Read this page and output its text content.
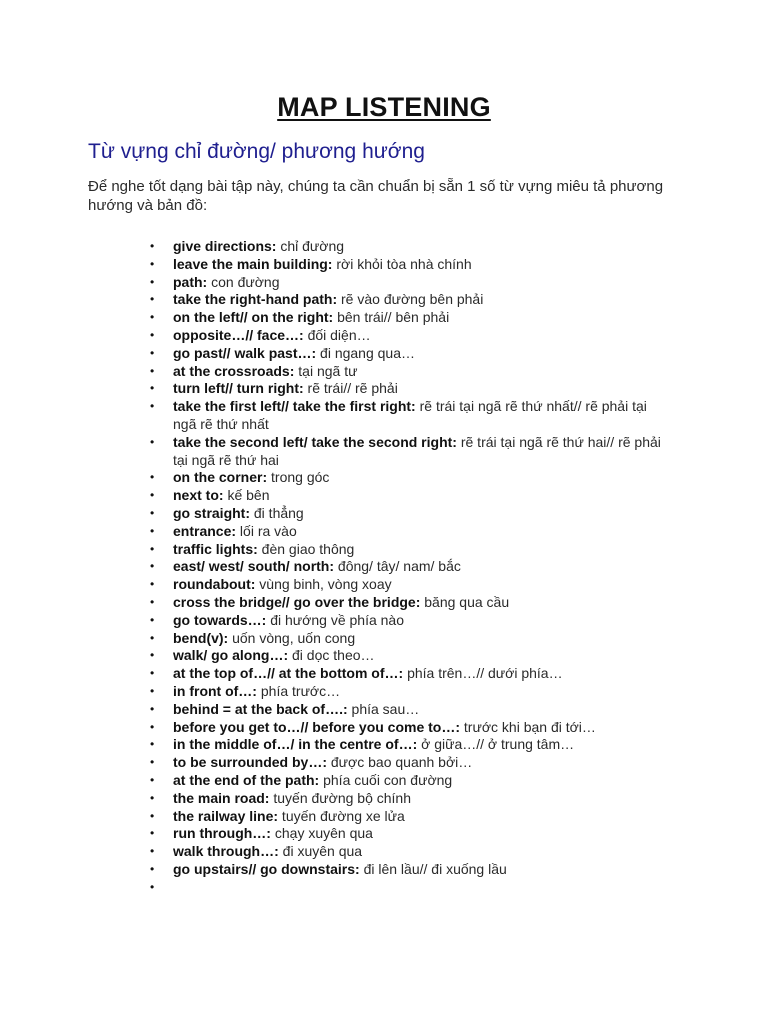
MAP LISTENING
Từ vựng chỉ đường/ phương hướng
Để nghe tốt dạng bài tập này, chúng ta cần chuẩn bị sẵn 1 số từ vựng miêu tả phương hướng và bản đồ:
• give directions: chỉ đường
• leave the main building: rời khỏi tòa nhà chính
• path: con đường
• take the right-hand path: rẽ vào đường bên phải
• on the left// on the right: bên trái// bên phải
• opposite…// face…: đối diện…
• go past// walk past…: đi ngang qua…
• at the crossroads: tại ngã tư
• turn left// turn right: rẽ trái// rẽ phải
• take the first left// take the first right: rẽ trái tại ngã rẽ thứ nhất// rẽ phải tại ngã rẽ thứ nhất
• take the second left/ take the second right: rẽ trái tại ngã rẽ thứ hai// rẽ phải tại ngã rẽ thứ hai
• on the corner: trong góc
• next to: kế bên
• go straight: đi thẳng
• entrance: lối ra vào
• traffic lights: đèn giao thông
• east/ west/ south/ north: đông/ tây/ nam/ bắc
• roundabout: vùng binh, vòng xoay
• cross the bridge// go over the bridge: băng qua cầu
• go towards…: đi hướng về phía nào
• bend(v): uốn vòng, uốn cong
• walk/ go along…: đi dọc theo…
• at the top of…// at the bottom of…: phía trên…// dưới phía…
• in front of…: phía trước…
• behind = at the back of….: phía sau…
• before you get to…// before you come to…: trước khi bạn đi tới…
• in the middle of…/ in the centre of…: ở giữa…// ở trung tâm…
• to be surrounded by…: được bao quanh bởi…
• at the end of the path: phía cuối con đường
• the main road: tuyến đường bộ chính
• the railway line: tuyến đường xe lửa
• run through…: chạy xuyên qua
• walk through…: đi xuyên qua
• go upstairs// go downstairs: đi lên lầu// đi xuống lầu
•
